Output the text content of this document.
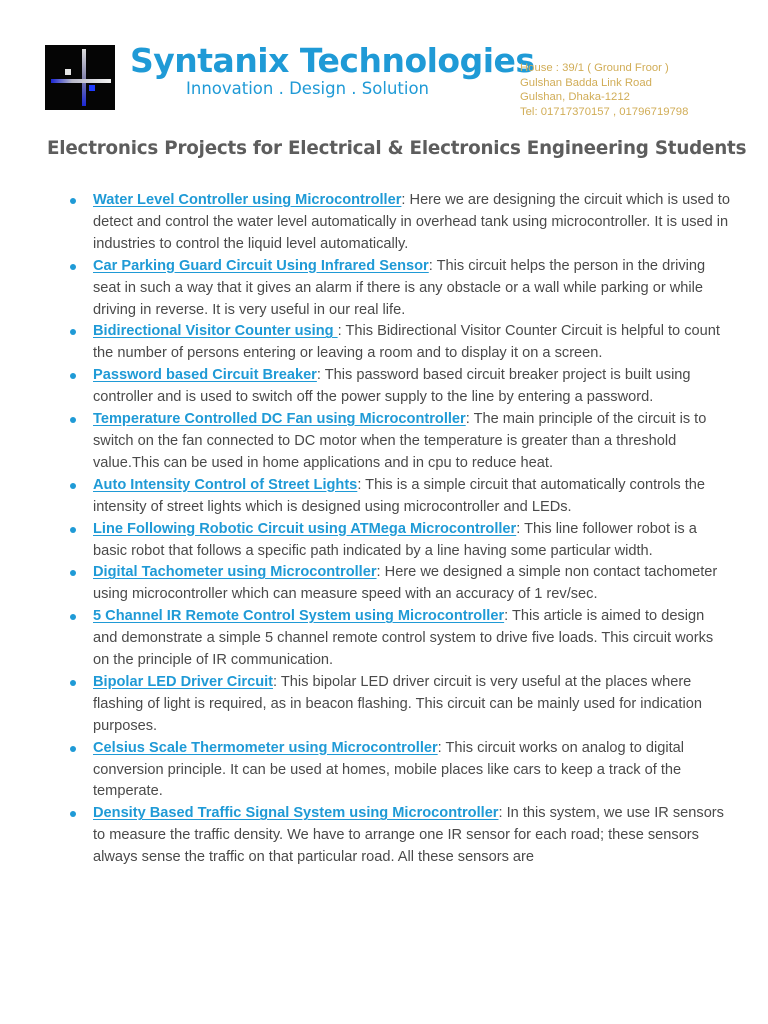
Syntanix Technologies
Innovation . Design . Solution
House : 39/1 ( Ground Froor )
Gulshan Badda Link Road
Gulshan, Dhaka-1212
Tel: 01717370157 , 01796719798
Electronics Projects for Electrical & Electronics Engineering Students
Water Level Controller using Microcontroller: Here we are designing the circuit which is used to detect and control the water level automatically in overhead tank using microcontroller. It is used in industries to control the liquid level automatically.
Car Parking Guard Circuit Using Infrared Sensor: This circuit helps the person in the driving seat in such a way that it gives an alarm if there is any obstacle or a wall while parking or while driving in reverse. It is very useful in our real life.
Bidirectional Visitor Counter using : This Bidirectional Visitor Counter Circuit is helpful to count the number of persons entering or leaving a room and to display it on a screen.
Password based Circuit Breaker: This password based circuit breaker project is built using controller and is used to switch off the power supply to the line by entering a password.
Temperature Controlled DC Fan using Microcontroller: The main principle of the circuit is to switch on the fan connected to DC motor when the temperature is greater than a threshold value.This can be used in home applications and in cpu to reduce heat.
Auto Intensity Control of Street Lights: This is a simple circuit that automatically controls the intensity of street lights which is designed using microcontroller and LEDs.
Line Following Robotic Circuit using ATMega Microcontroller: This line follower robot is a basic robot that follows a specific path indicated by a line having some particular width.
Digital Tachometer using Microcontroller: Here we designed a simple non contact tachometer using microcontroller which can measure speed with an accuracy of 1 rev/sec.
5 Channel IR Remote Control System using Microcontroller: This article is aimed to design and demonstrate a simple 5 channel remote control system to drive five loads. This circuit works on the principle of IR communication.
Bipolar LED Driver Circuit: This bipolar LED driver circuit is very useful at the places where flashing of light is required, as in beacon flashing. This circuit can be mainly used for indication purposes.
Celsius Scale Thermometer using Microcontroller: This circuit works on analog to digital conversion principle. It can be used at homes, mobile places like cars to keep a track of the temperate.
Density Based Traffic Signal System using Microcontroller: In this system, we use IR sensors to measure the traffic density. We have to arrange one IR sensor for each road; these sensors always sense the traffic on that particular road. All these sensors are
